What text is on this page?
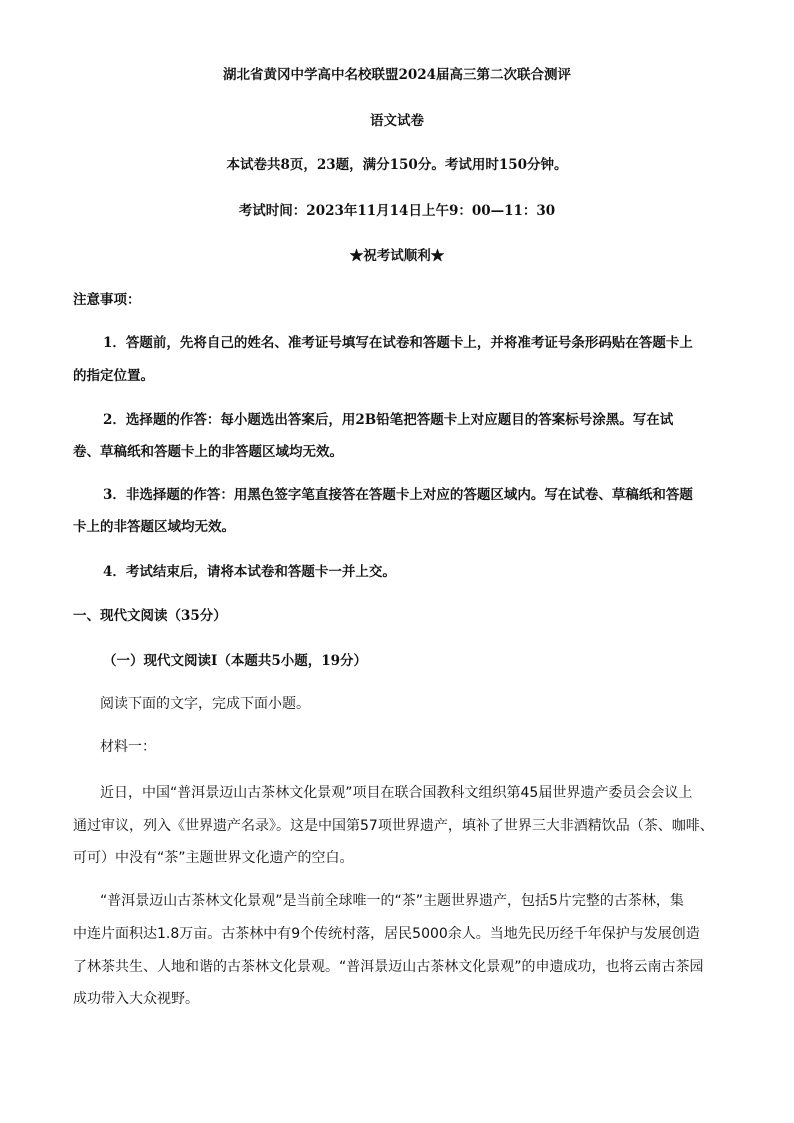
湖北省黄冈中学高中名校联盟2024届高三第二次联合测评
语文试卷
本试卷共8页，23题，满分150分。考试用时150分钟。
考试时间：2023年11月14日上午9：00—11：30
★祝考试顺利★
注意事项：
1．答题前，先将自己的姓名、准考证号填写在试卷和答题卡上，并将准考证号条形码贴在答题卡上
的指定位置。
2．选择题的作答：每小题选出答案后，用2B铅笔把答题卡上对应题目的答案标号涂黑。写在试
卷、草稿纸和答题卡上的非答题区域均无效。
3．非选择题的作答：用黑色签字笔直接答在答题卡上对应的答题区域内。写在试卷、草稿纸和答题
卡上的非答题区域均无效。
4．考试结束后，请将本试卷和答题卡一并上交。
一、现代文阅读（35分）
（一）现代文阅读Ⅰ（本题共5小题，19分）
阅读下面的文字，完成下面小题。
材料一：
近日，中国“普洱景迈山古茶林文化景观”项目在联合国教科文组织第45届世界遗产委员会会议上
通过审议，列入《世界遗产名录》。这是中国第57项世界遗产，填补了世界三大非酒精饮品（茶、咖啡、
可可）中没有“茶”主题世界文化遗产的空白。
“普洱景迈山古茶林文化景观”是当前全球唯一的“茶”主题世界遗产，包括5片完整的古茶林，集
中连片面积达1.8万亩。古茶林中有9个传统村落，居民5000余人。当地先民历经千年保护与发展创造
了林茶共生、人地和谐的古茶林文化景观。“普洱景迈山古茶林文化景观”的申遗成功，也将云南古茶园
成功带入大众视野。
